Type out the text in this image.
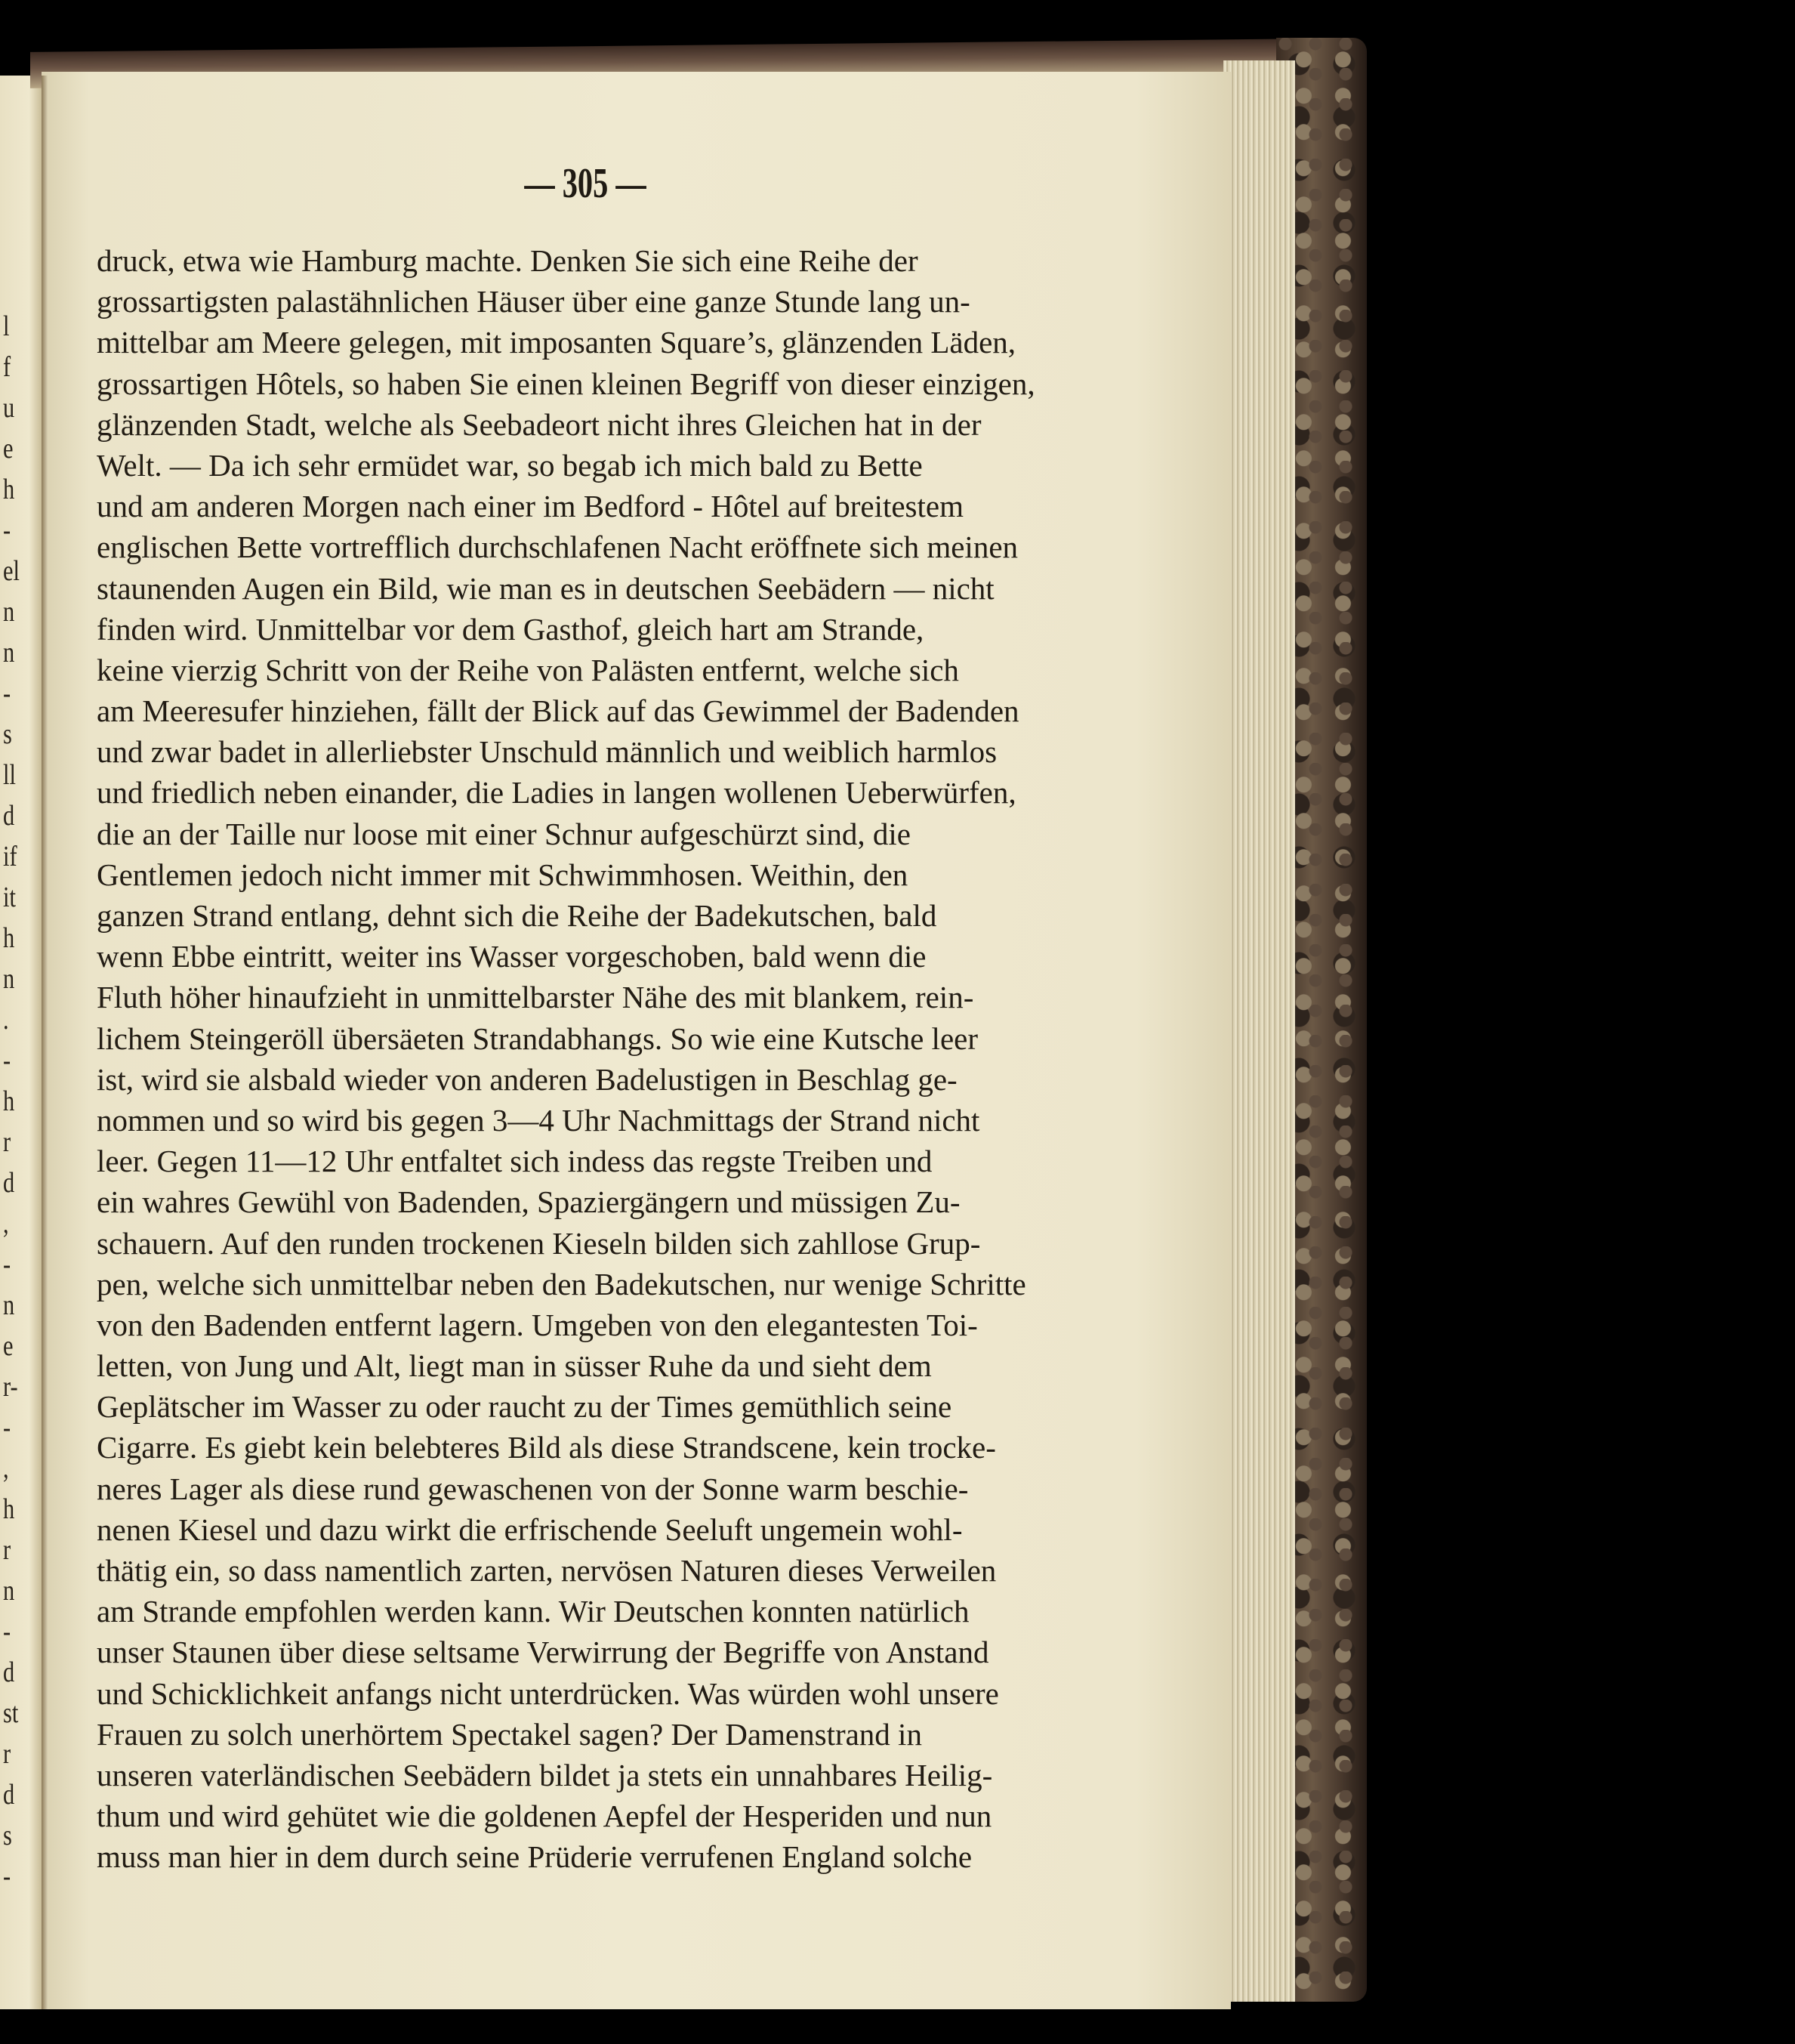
l
f
u
e
h
-
el
n
n
-
s
ll
d
if
it
h
n
.
-
h
r
d
,
-
n
e
r-
-
,
h
r
n
-
d
st
r
d
s
-
— 305 —
druck, etwa wie Hamburg machte. Denken Sie sich eine Reihe der
grossartigsten palastähnlichen Häuser über eine ganze Stunde lang un-
mittelbar am Meere gelegen, mit imposanten Square’s, glänzenden Läden,
grossartigen Hôtels, so haben Sie einen kleinen Begriff von dieser einzigen,
glänzenden Stadt, welche als Seebadeort nicht ihres Gleichen hat in der
Welt. — Da ich sehr ermüdet war, so begab ich mich bald zu Bette
und am anderen Morgen nach einer im Bedford - Hôtel auf breitestem
englischen Bette vortrefflich durchschlafenen Nacht eröffnete sich meinen
staunenden Augen ein Bild, wie man es in deutschen Seebädern — nicht
finden wird. Unmittelbar vor dem Gasthof, gleich hart am Strande,
keine vierzig Schritt von der Reihe von Palästen entfernt, welche sich
am Meeresufer hinziehen, fällt der Blick auf das Gewimmel der Badenden
und zwar badet in allerliebster Unschuld männlich und weiblich harmlos
und friedlich neben einander, die Ladies in langen wollenen Ueberwürfen,
die an der Taille nur loose mit einer Schnur aufgeschürzt sind, die
Gentlemen jedoch nicht immer mit Schwimmhosen. Weithin, den
ganzen Strand entlang, dehnt sich die Reihe der Badekutschen, bald
wenn Ebbe eintritt, weiter ins Wasser vorgeschoben, bald wenn die
Fluth höher hinaufzieht in unmittelbarster Nähe des mit blankem, rein-
lichem Steingeröll übersäeten Strandabhangs. So wie eine Kutsche leer
ist, wird sie alsbald wieder von anderen Badelustigen in Beschlag ge-
nommen und so wird bis gegen 3—4 Uhr Nachmittags der Strand nicht
leer. Gegen 11—12 Uhr entfaltet sich indess das regste Treiben und
ein wahres Gewühl von Badenden, Spaziergängern und müssigen Zu-
schauern. Auf den runden trockenen Kieseln bilden sich zahllose Grup-
pen, welche sich unmittelbar neben den Badekutschen, nur wenige Schritte
von den Badenden entfernt lagern. Umgeben von den elegantesten Toi-
letten, von Jung und Alt, liegt man in süsser Ruhe da und sieht dem
Geplätscher im Wasser zu oder raucht zu der Times gemüthlich seine
Cigarre. Es giebt kein belebteres Bild als diese Strandscene, kein trocke-
neres Lager als diese rund gewaschenen von der Sonne warm beschie-
nenen Kiesel und dazu wirkt die erfrischende Seeluft ungemein wohl-
thätig ein, so dass namentlich zarten, nervösen Naturen dieses Verweilen
am Strande empfohlen werden kann. Wir Deutschen konnten natürlich
unser Staunen über diese seltsame Verwirrung der Begriffe von Anstand
und Schicklichkeit anfangs nicht unterdrücken. Was würden wohl unsere
Frauen zu solch unerhörtem Spectakel sagen? Der Damenstrand in
unseren vaterländischen Seebädern bildet ja stets ein unnahbares Heilig-
thum und wird gehütet wie die goldenen Aepfel der Hesperiden und nun
muss man hier in dem durch seine Prüderie verrufenen England solche
